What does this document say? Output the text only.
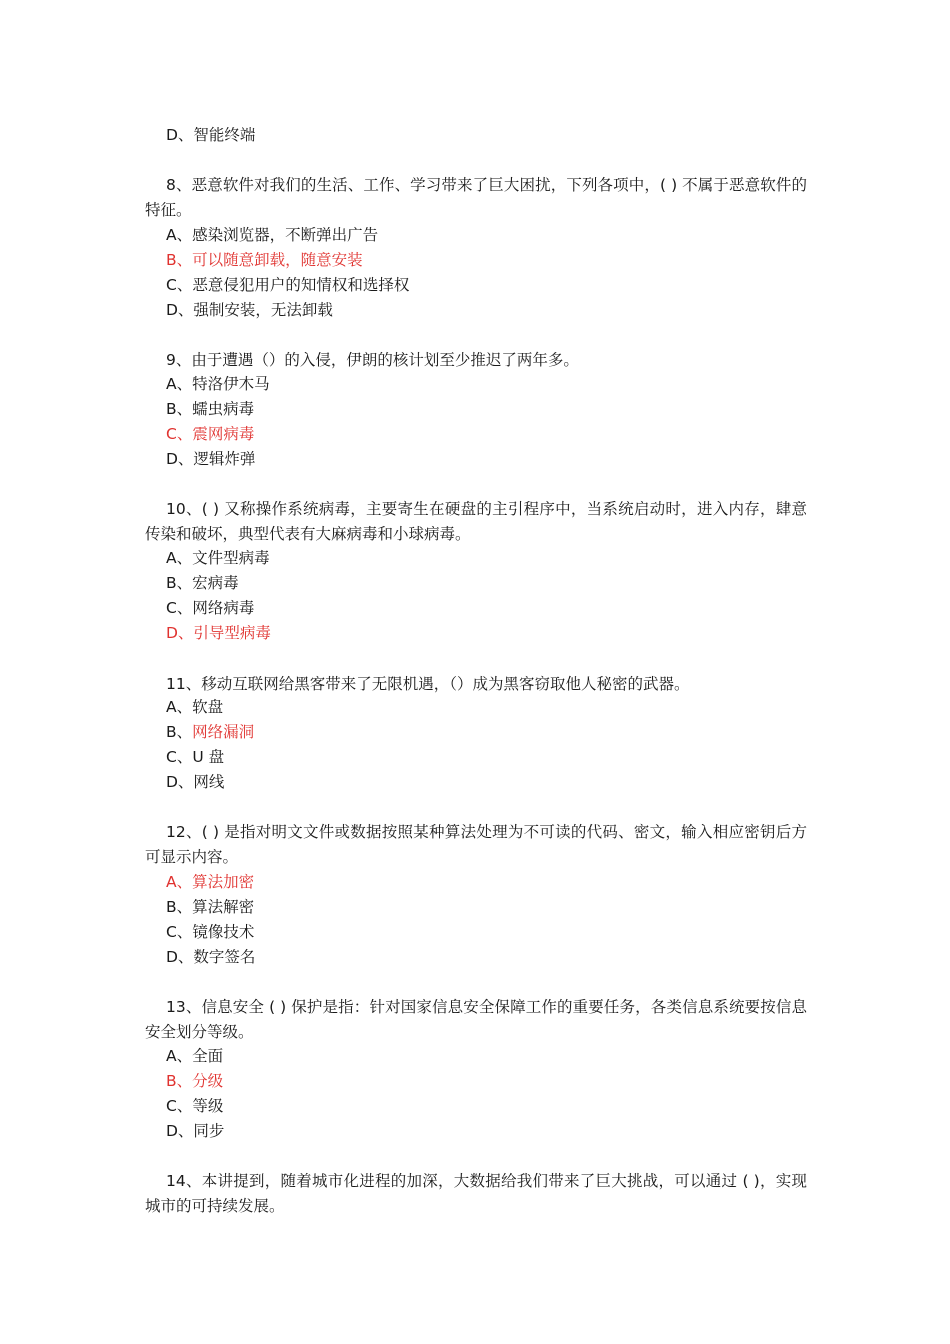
D、智能终端
8、恶意软件对我们的生活、工作、学习带来了巨大困扰，下列各项中，( ) 不属于恶意软件的特征。
A、感染浏览器，不断弹出广告
B、可以随意卸载，随意安装
C、恶意侵犯用户的知情权和选择权
D、强制安装，无法卸载
9、由于遭遇（）的入侵，伊朗的核计划至少推迟了两年多。
A、特洛伊木马
B、蠕虫病毒
C、震网病毒
D、逻辑炸弹
10、( ) 又称操作系统病毒，主要寄生在硬盘的主引程序中，当系统启动时，进入内存，肆意传染和破坏，典型代表有大麻病毒和小球病毒。
A、文件型病毒
B、宏病毒
C、网络病毒
D、引导型病毒
11、移动互联网给黑客带来了无限机遇，（）成为黑客窃取他人秘密的武器。
A、软盘
B、网络漏洞
C、U 盘
D、网线
12、( ) 是指对明文文件或数据按照某种算法处理为不可读的代码、密文，输入相应密钥后方可显示内容。
A、算法加密
B、算法解密
C、镜像技术
D、数字签名
13、信息安全 ( ) 保护是指：针对国家信息安全保障工作的重要任务，各类信息系统要按信息安全划分等级。
A、全面
B、分级
C、等级
D、同步
14、本讲提到，随着城市化进程的加深，大数据给我们带来了巨大挑战，可以通过 ( )，实现城市的可持续发展。
